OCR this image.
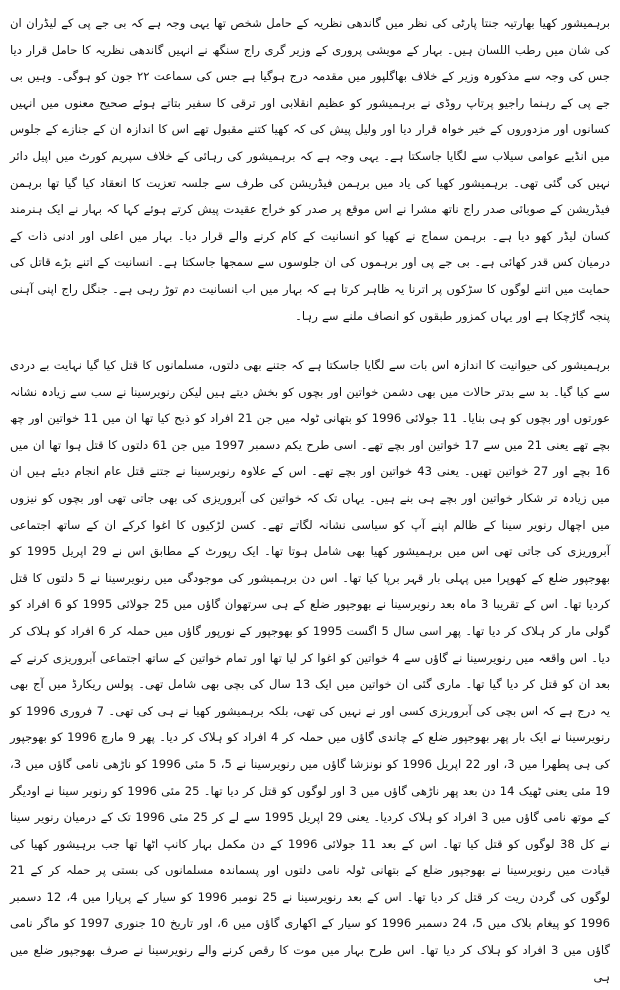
برہمیشور کھیا بھارتیہ جنتا پارٹی کی نظر میں گاندھی نظریہ کے حامل شخص تھا یہی وجہ ہے کہ بی جے پی کے لیڈران ان کی شان میں رطب اللسان ہیں۔ بہار کے مویشی پروری کے وزیر گری راج سنگھ نے انہیں گاندھی نظریہ کا حامل قرار دیا جس کی وجہ سے مذکورہ وزیر کے خلاف بھاگلپور میں مقدمہ درج ہوگیا ہے جس کی سماعت ۲۲ جون کو ہوگی۔ وہیں بی جے پی کے رہنما راجیو پرتاپ روڈی نے برہمیشور کو عظیم انقلابی اور ترقی کا سفیر بتاتے ہوئے صحیح معنوں میں انہیں کسانوں اور مزدوروں کے خیر خواہ قرار دیا اور ولیل پیش کی کہ کھیا کتنے مقبول تھے اس کا اندازہ ان کے جنازے کے جلوس میں انڈیے عوامی سیلاب سے لگایا جاسکتا ہے۔ یہی وجہ ہے کہ برہمیشور کی رہائی کے خلاف سپریم کورٹ میں اپیل دائر نہیں کی گئی تھی۔ برہمیشور کھیا کی یاد میں برہمن فیڈریشن کی طرف سے جلسہ تعزیت کا انعقاد کیا گیا تھا برہمن فیڈریشن کے صوبائی صدر راج ناتھ مشرا نے اس موقع پر صدر کو خراج عقیدت پیش کرتے ہوئے کہا کہ بہار نے ایک ہنرمند کسان لیڈر کھو دیا ہے۔ برہمن سماج نے کھیا کو انسانیت کے کام کرنے والے قرار دیا۔ بہار میں اعلی اور ادنی ذات کے درمیان کس قدر کھائی ہے۔ بی جے پی اور برہموں کی ان جلوسوں سے سمجھا جاسکتا ہے۔ انسانیت کے اتنے بڑے قاتل کی حمایت میں اتنے لوگوں کا سڑکوں پر اترنا یہ ظاہر کرتا ہے کہ بہار میں اب انسانیت دم توڑ رہی ہے۔ جنگل راج اپنی آہنی پنجہ گاڑچکا ہے اور یہاں کمزور طبقوں کو انصاف ملنے سے رہا۔

برہمیشور کی حیوانیت کا اندازہ اس بات سے لگایا جاسکتا ہے کہ جتنے بھی دلتوں، مسلمانوں کا قتل کیا گیا نہایت بے دردی سے کیا گیا۔ بد سے بدتر حالات میں بھی دشمن خواتین اور بچوں کو بخش دیتے ہیں لیکن رنویرسینا نے سب سے زیادہ نشانہ عورتوں اور بچوں کو ہی بنایا۔ 11 جولائی 1996 کو بتھانی ٹولہ میں جن 21 افراد کو ذبح کیا تھا ان میں 11 خواتین اور چھ بچے تھے یعنی 21 میں سے 17 خواتین اور بچے تھے۔ اسی طرح یکم دسمبر 1997 میں جن 61 دلتوں کا قتل ہوا تھا ان میں 16 بچے اور 27 خواتین تھیں۔ یعنی 43 خواتین اور بچے تھے۔ اس کے علاوہ رنویرسینا نے جتنے قتل عام انجام دیئے ہیں ان میں زیادہ تر شکار خواتین اور بچے ہی بنے ہیں۔ یہاں تک کہ خواتین کی آبروریزی کی بھی جاتی تھی اور بچوں کو نیزوں میں اچھال رنویر سینا کے ظالم اپنے آپ کو سیاسی نشانہ لگاتے تھے۔ کسن لڑکیوں کا اغوا کرکے ان کے ساتھ اجتماعی آبروریزی کی جاتی تھی اس میں برہمیشور کھیا بھی شامل ہوتا تھا۔ ایک رپورٹ کے مطابق اس نے 29 اپریل 1995 کو بھوجپور ضلع کے کھوپرا میں پہلی بار قہر برپا کیا تھا۔ اس دن برہمیشور کی موجودگی میں رنویرسینا نے 5 دلتوں کا قتل کردیا تھا۔ اس کے تقریبا 3 ماہ بعد رنویرسینا نے بھوجپور ضلع کے ہی سرتھوان گاؤں میں 25 جولائی 1995 کو 6 افراد کو گولی مار کر ہلاک کر دیا تھا۔ پھر اسی سال 5 اگست 1995 کو بھوجپور کے نورپور گاؤں میں حملہ کر 6 افراد کو ہلاک کر دیا۔ اس واقعہ میں رنویرسینا نے گاؤں سے 4 خواتین کو اغوا کر لیا تھا اور تمام خواتین کے ساتھ اجتماعی آبروریزی کرنے کے بعد ان کو قتل کر دیا گیا تھا۔ ماری گئی ان خواتین میں ایک 13 سال کی بچی بھی شامل تھی۔ پولس ریکارڈ میں آج بھی یہ درج ہے کہ اس بچی کی آبروریزی کسی اور نے نہیں کی تھی، بلکہ برہمیشور کھیا نے ہی کی تھی۔ 7 فروری 1996 کو رنویرسینا نے ایک بار پھر بھوجپور ضلع کے چاندی گاؤں میں حملہ کر 4 افراد کو ہلاک کر دیا۔ پھر 9 مارچ 1996 کو بھوجپور کی ہی پطھرا میں 3، اور 22 اپریل 1996 کو نونزشا گاؤں میں رنویرسینا نے 5، 5 مئی 1996 کو ناڑھی نامی گاؤں میں 3، 19 مئی یعنی ٹھیک 14 دن بعد پھر ناڑھی گاؤں میں 3 اور لوگوں کو قتل کر دیا تھا۔ 25 مئی 1996 کو رنویر سینا نے اودیگر کے موتھ نامی گاؤں میں 3 افراد کو ہلاک کردیا۔ یعنی 29 اپریل 1995 سے لے کر 25 مئی 1996 تک کے درمیان رنویر سینا نے کل 38 لوگوں کو قتل کیا تھا۔ اس کے بعد 11 جولائی 1996 کے دن مکمل بہار کانپ اٹھا تھا جب برہیشور کھیا کی قیادت میں رنویرسینا نے بھوجپور ضلع کے بتھانی ٹولہ نامی دلتوں اور پسماندہ مسلمانوں کی بستی پر حملہ کر کے 21 لوگوں کی گردن ریت کر قتل کر دیا تھا۔ اس کے بعد رنویرسینا نے 25 نومبر 1996 کو سیار کے پرپارا میں 4، 12 دسمبر 1996 کو پیغام بلاک میں 5، 24 دسمبر 1996 کو سیار کے اکھاری گاؤں میں 6، اور تاریخ 10 جنوری 1997 کو ماگر نامی گاؤں میں 3 افراد کو ہلاک کر دیا تھا۔ اس طرح بہار میں موت کا رقص کرنے والے رنویرسینا نے صرف بھوجپور ضلع میں ہی
